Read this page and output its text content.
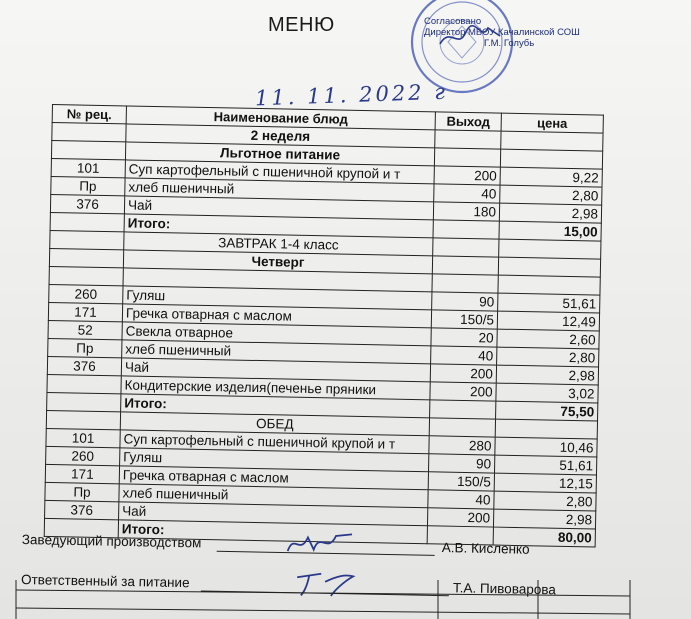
МЕНЮ	Согласовано
Директор МБОУ Качалинской СОШ
Г.М. Голубь
11. 11. 2022 г
№ рец.	Наименование блюд	Выход	цена
	2 неделя		
	Льготное питание		
101	Суп картофельный с пшеничной крупой и т	200	9,22
Пр	хлеб пшеничный	40	2,80
376	Чай	180	2,98
	Итого:		15,00
	ЗАВТРАК 1-4 класс		
	Четверг		

260	Гуляш	90	51,61
171	Гречка отварная с маслом	150/5	12,49
52	Свекла отварное	20	2,60
Пр	хлеб пшеничный	40	2,80
376	Чай	200	2,98
	Кондитерские изделия(печенье пряники	200	3,02
	Итого:		75,50
	ОБЕД		
101	Суп картофельный с пшеничной крупой и т	280	10,46
260	Гуляш	90	51,61
171	Гречка отварная с маслом	150/5	12,15
Пр	хлеб пшеничный	40	2,80
376	Чай	200	2,98
	Итого:		80,00
Заведующий производством	А.В. Кисленко
Ответственный за питание	Т.А. Пивоварова
